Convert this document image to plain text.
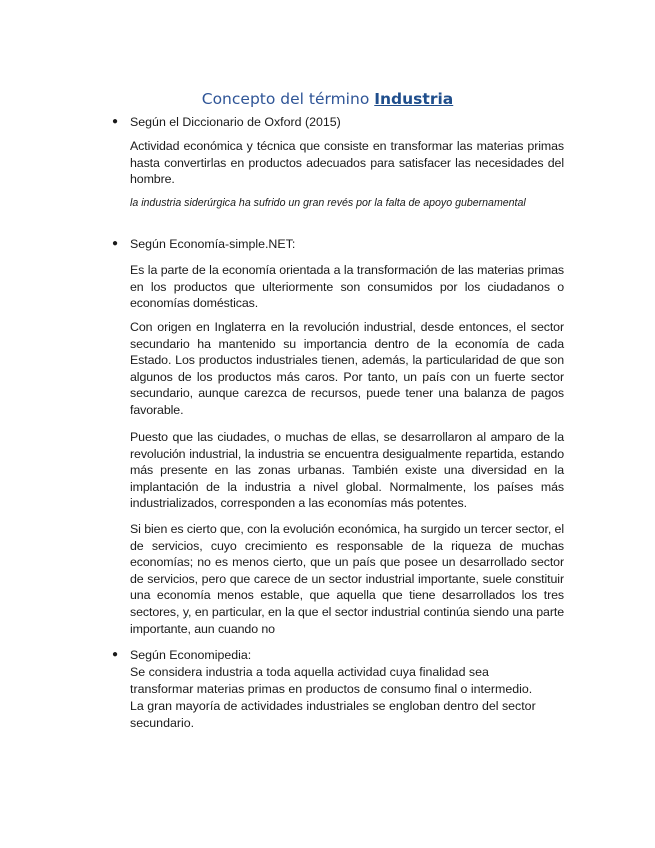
Concepto del término Industria
● Según el Diccionario de Oxford (2015)

Actividad económica y técnica que consiste en transformar las materias primas hasta convertirlas en productos adecuados para satisfacer las necesidades del hombre.

la industria siderúrgica ha sufrido un gran revés por la falta de apoyo gubernamental

● Según Economía-simple.NET:

Es la parte de la economía orientada a la transformación de las materias primas en los productos que ulteriormente son consumidos por los ciudadanos o economías domésticas.

Con origen en Inglaterra en la revolución industrial, desde entonces, el sector secundario ha mantenido su importancia dentro de la economía de cada Estado. Los productos industriales tienen, además, la particularidad de que son algunos de los productos más caros. Por tanto, un país con un fuerte sector secundario, aunque carezca de recursos, puede tener una balanza de pagos favorable.

Puesto que las ciudades, o muchas de ellas, se desarrollaron al amparo de la revolución industrial, la industria se encuentra desigualmente repartida, estando más presente en las zonas urbanas. También existe una diversidad en la implantación de la industria a nivel global. Normalmente, los países más industrializados, corresponden a las economías más potentes.

Si bien es cierto que, con la evolución económica, ha surgido un tercer sector, el de servicios, cuyo crecimiento es responsable de la riqueza de muchas economías; no es menos cierto, que un país que posee un desarrollado sector de servicios, pero que carece de un sector industrial importante, suele constituir una economía menos estable, que aquella que tiene desarrollados los tres sectores, y, en particular, en la que el sector industrial continúa siendo una parte importante, aun cuando no

● Según Economipedia:
Se considera industria a toda aquella actividad cuya finalidad sea
transformar materias primas en productos de consumo final o intermedio.
La gran mayoría de actividades industriales se engloban dentro del sector
secundario.
